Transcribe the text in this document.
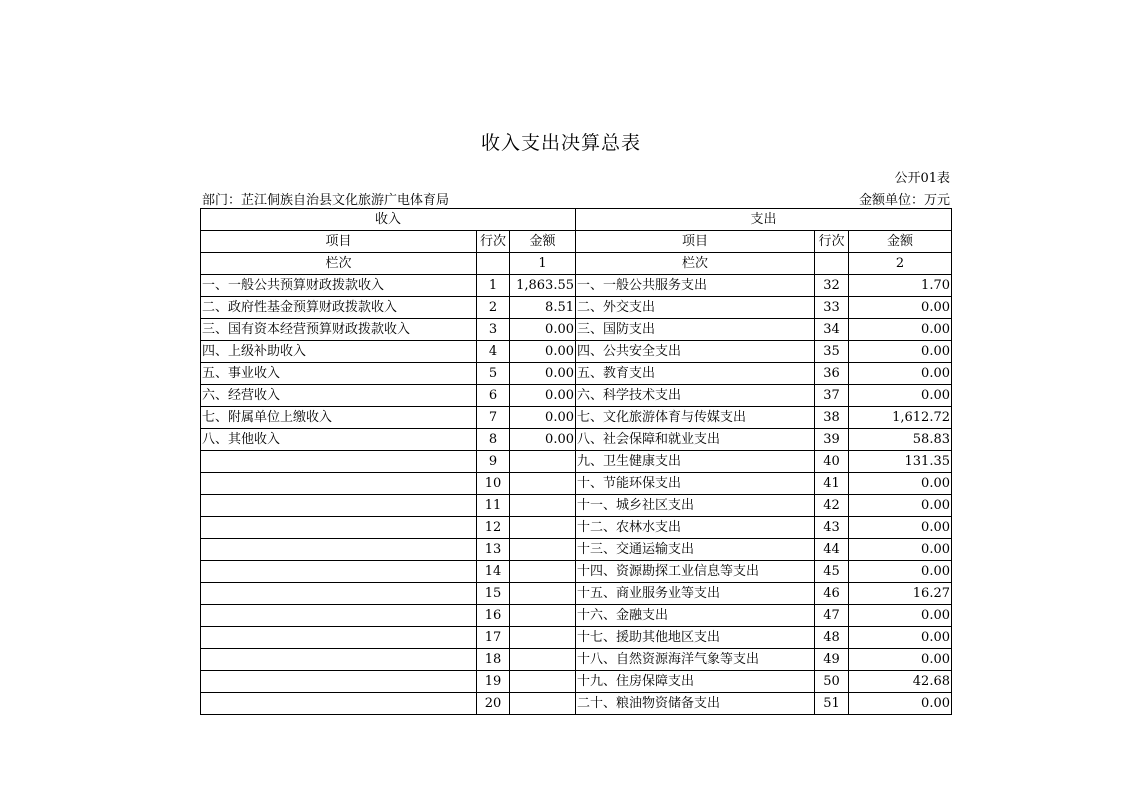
收入支出决算总表
公开01表
部门：芷江侗族自治县文化旅游广电体育局	金额单位：万元
收入			支出		
项目	行次	金额	项目	行次	金额
栏次		1	栏次		2
一、一般公共预算财政拨款收入	1	1,863.55	一、一般公共服务支出	32	1.70
二、政府性基金预算财政拨款收入	2	8.51	二、外交支出	33	0.00
三、国有资本经营预算财政拨款收入	3	0.00	三、国防支出	34	0.00
四、上级补助收入	4	0.00	四、公共安全支出	35	0.00
五、事业收入	5	0.00	五、教育支出	36	0.00
六、经营收入	6	0.00	六、科学技术支出	37	0.00
七、附属单位上缴收入	7	0.00	七、文化旅游体育与传媒支出	38	1,612.72
八、其他收入	8	0.00	八、社会保障和就业支出	39	58.83
	9		九、卫生健康支出	40	131.35
	10		十、节能环保支出	41	0.00
	11		十一、城乡社区支出	42	0.00
	12		十二、农林水支出	43	0.00
	13		十三、交通运输支出	44	0.00
	14		十四、资源勘探工业信息等支出	45	0.00
	15		十五、商业服务业等支出	46	16.27
	16		十六、金融支出	47	0.00
	17		十七、援助其他地区支出	48	0.00
	18		十八、自然资源海洋气象等支出	49	0.00
	19		十九、住房保障支出	50	42.68
	20		二十、粮油物资储备支出	51	0.00
